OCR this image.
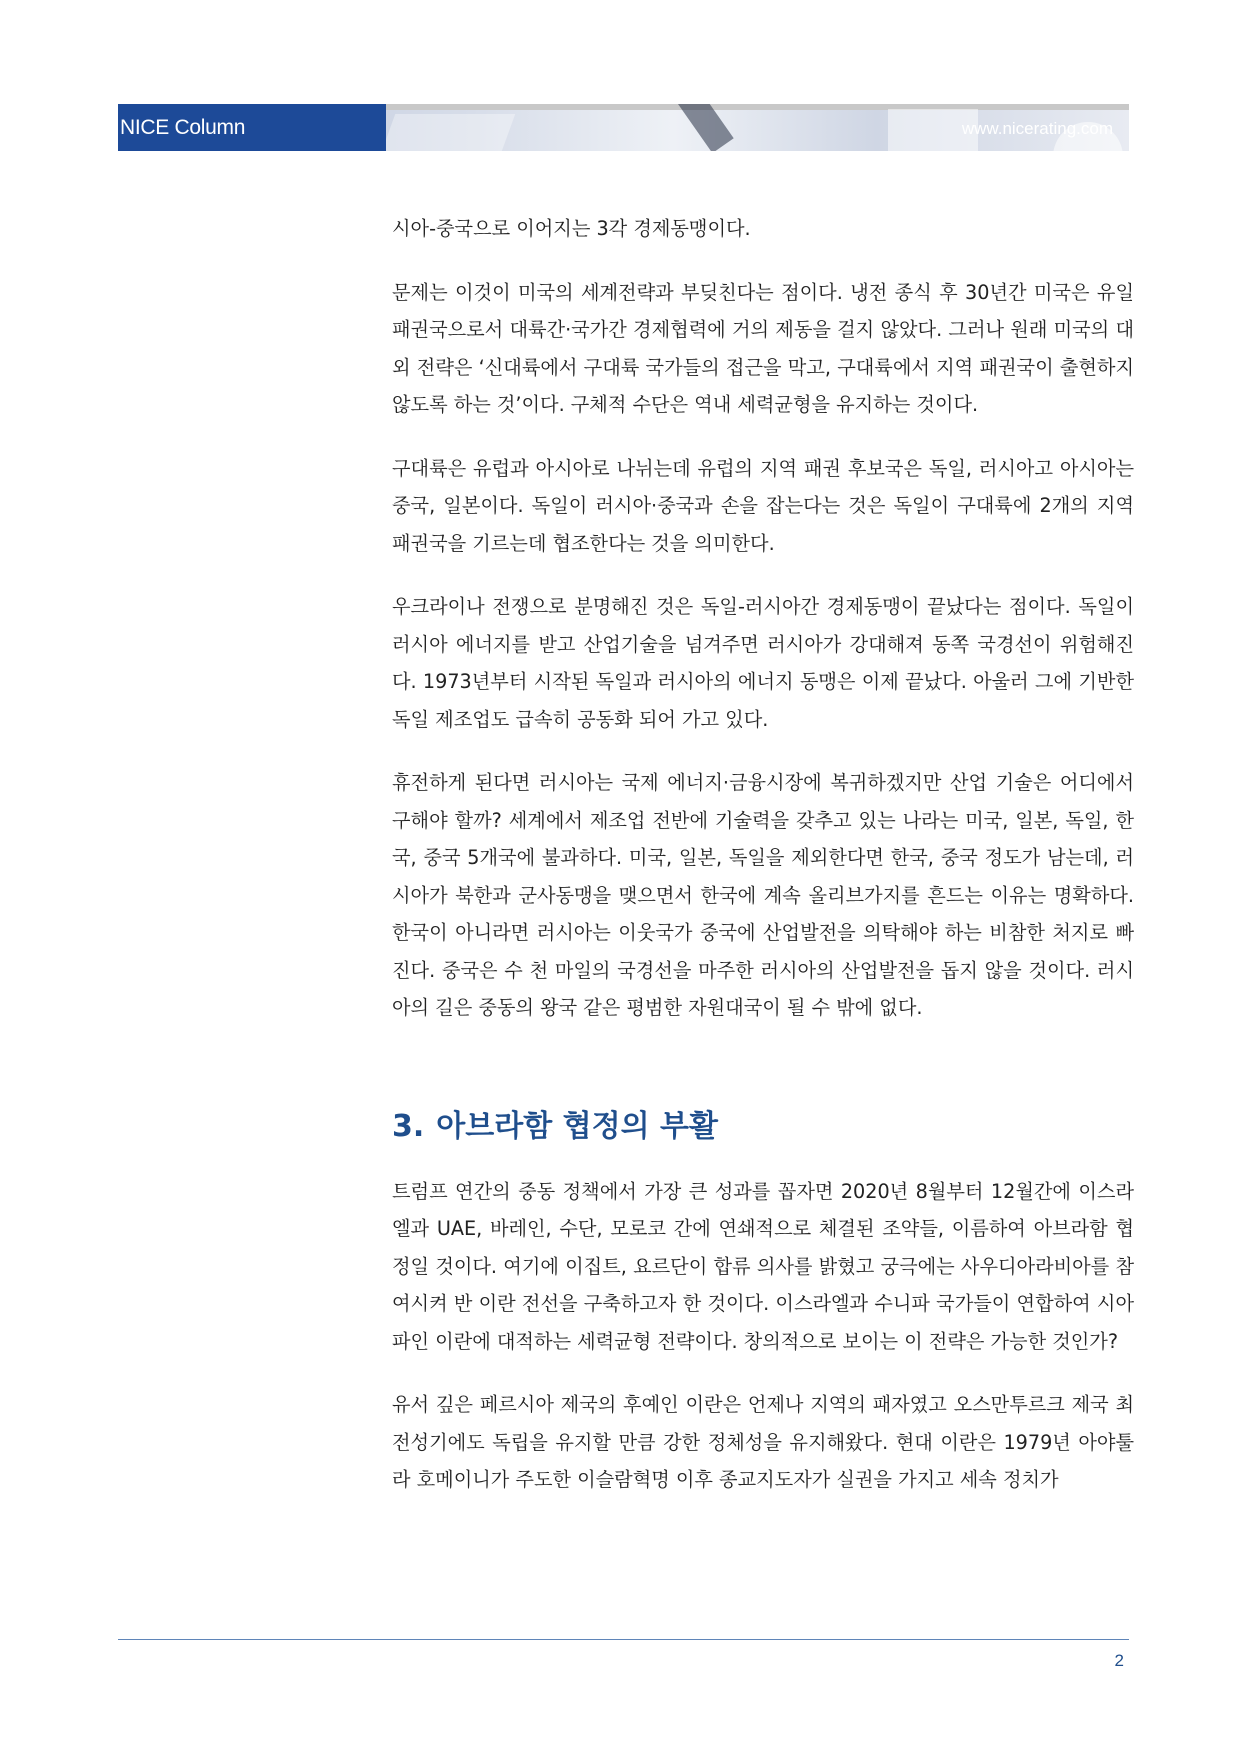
NICE Column	www.nicerating.com

시아-중국으로 이어지는 3각 경제동맹이다.

문제는 이것이 미국의 세계전략과 부딪친다는 점이다. 냉전 종식 후 30년간 미국은 유일 패권국으로서 대륙간·국가간 경제협력에 거의 제동을 걸지 않았다. 그러나 원래 미국의 대외 전략은 ‘신대륙에서 구대륙 국가들의 접근을 막고, 구대륙에서 지역 패권국이 출현하지 않도록 하는 것’이다. 구체적 수단은 역내 세력균형을 유지하는 것이다.

구대륙은 유럽과 아시아로 나뉘는데 유럽의 지역 패권 후보국은 독일, 러시아고 아시아는 중국, 일본이다. 독일이 러시아·중국과 손을 잡는다는 것은 독일이 구대륙에 2개의 지역 패권국을 기르는데 협조한다는 것을 의미한다.

우크라이나 전쟁으로 분명해진 것은 독일-러시아간 경제동맹이 끝났다는 점이다. 독일이 러시아 에너지를 받고 산업기술을 넘겨주면 러시아가 강대해져 동쪽 국경선이 위험해진다. 1973년부터 시작된 독일과 러시아의 에너지 동맹은 이제 끝났다. 아울러 그에 기반한 독일 제조업도 급속히 공동화 되어 가고 있다.

휴전하게 된다면 러시아는 국제 에너지·금융시장에 복귀하겠지만 산업 기술은 어디에서 구해야 할까? 세계에서 제조업 전반에 기술력을 갖추고 있는 나라는 미국, 일본, 독일, 한국, 중국 5개국에 불과하다. 미국, 일본, 독일을 제외한다면 한국, 중국 정도가 남는데, 러시아가 북한과 군사동맹을 맺으면서 한국에 계속 올리브가지를 흔드는 이유는 명확하다. 한국이 아니라면 러시아는 이웃국가 중국에 산업발전을 의탁해야 하는 비참한 처지로 빠진다. 중국은 수 천 마일의 국경선을 마주한 러시아의 산업발전을 돕지 않을 것이다. 러시아의 길은 중동의 왕국 같은 평범한 자원대국이 될 수 밖에 없다.

3. 아브라함 협정의 부활

트럼프 연간의 중동 정책에서 가장 큰 성과를 꼽자면 2020년 8월부터 12월간에 이스라엘과 UAE, 바레인, 수단, 모로코 간에 연쇄적으로 체결된 조약들, 이름하여 아브라함 협정일 것이다. 여기에 이집트, 요르단이 합류 의사를 밝혔고 궁극에는 사우디아라비아를 참여시켜 반 이란 전선을 구축하고자 한 것이다. 이스라엘과 수니파 국가들이 연합하여 시아파인 이란에 대적하는 세력균형 전략이다. 창의적으로 보이는 이 전략은 가능한 것인가?

유서 깊은 페르시아 제국의 후예인 이란은 언제나 지역의 패자였고 오스만투르크 제국 최전성기에도 독립을 유지할 만큼 강한 정체성을 유지해왔다. 현대 이란은 1979년 아야툴라 호메이니가 주도한 이슬람혁명 이후 종교지도자가 실권을 가지고 세속 정치가

2
